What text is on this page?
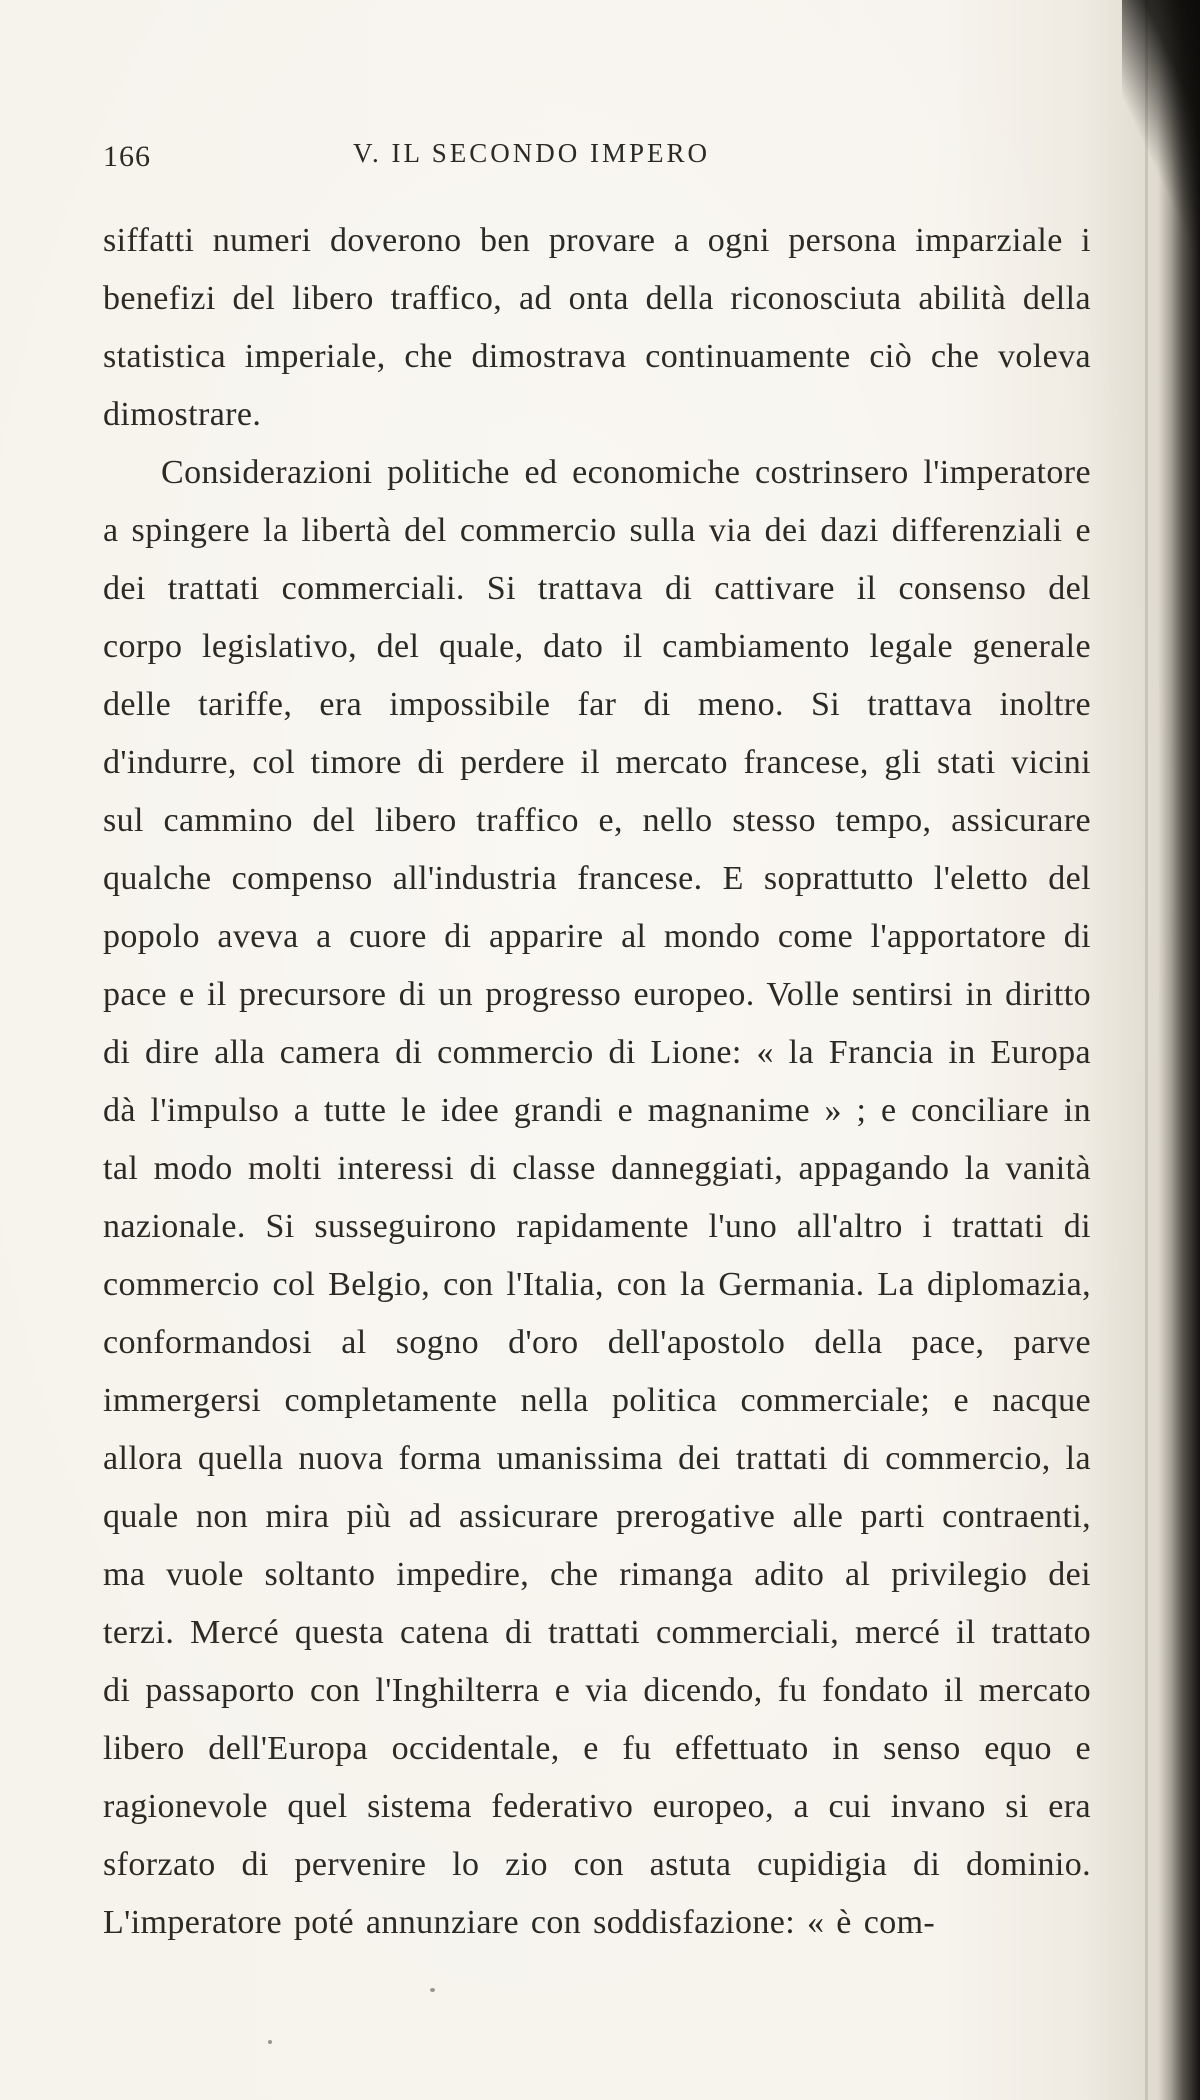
166	V. IL SECONDO IMPERO

siffatti numeri doverono ben provare a ogni persona imparziale i benefizi del libero traffico, ad onta della riconosciuta abilità della statistica imperiale, che dimostrava continuamente ciò che voleva dimostrare.

Considerazioni politiche ed economiche costrinsero l'imperatore a spingere la libertà del commercio sulla via dei dazi differenziali e dei trattati commerciali. Si trattava di cattivare il consenso del corpo legislativo, del quale, dato il cambiamento legale generale delle tariffe, era impossibile far di meno. Si trattava inoltre d'indurre, col timore di perdere il mercato francese, gli stati vicini sul cammino del libero traffico e, nello stesso tempo, assicurare qualche compenso all'industria francese. E soprattutto l'eletto del popolo aveva a cuore di apparire al mondo come l'apportatore di pace e il precursore di un progresso europeo. Volle sentirsi in diritto di dire alla camera di commercio di Lione: « la Francia in Europa dà l'impulso a tutte le idee grandi e magnanime » ; e conciliare in tal modo molti interessi di classe danneggiati, appagando la vanità nazionale. Si susseguirono rapidamente l'uno all'altro i trattati di commercio col Belgio, con l'Italia, con la Germania. La diplomazia, conformandosi al sogno d'oro dell'apostolo della pace, parve immergersi completamente nella politica commerciale; e nacque allora quella nuova forma umanissima dei trattati di commercio, la quale non mira più ad assicurare prerogative alle parti contraenti, ma vuole soltanto impedire, che rimanga adito al privilegio dei terzi. Mercé questa catena di trattati commerciali, mercé il trattato di passaporto con l'Inghilterra e via dicendo, fu fondato il mercato libero dell'Europa occidentale, e fu effettuato in senso equo e ragionevole quel sistema federativo europeo, a cui invano si era sforzato di pervenire lo zio con astuta cupidigia di dominio. L'imperatore poté annunziare con soddisfazione: « è com-
